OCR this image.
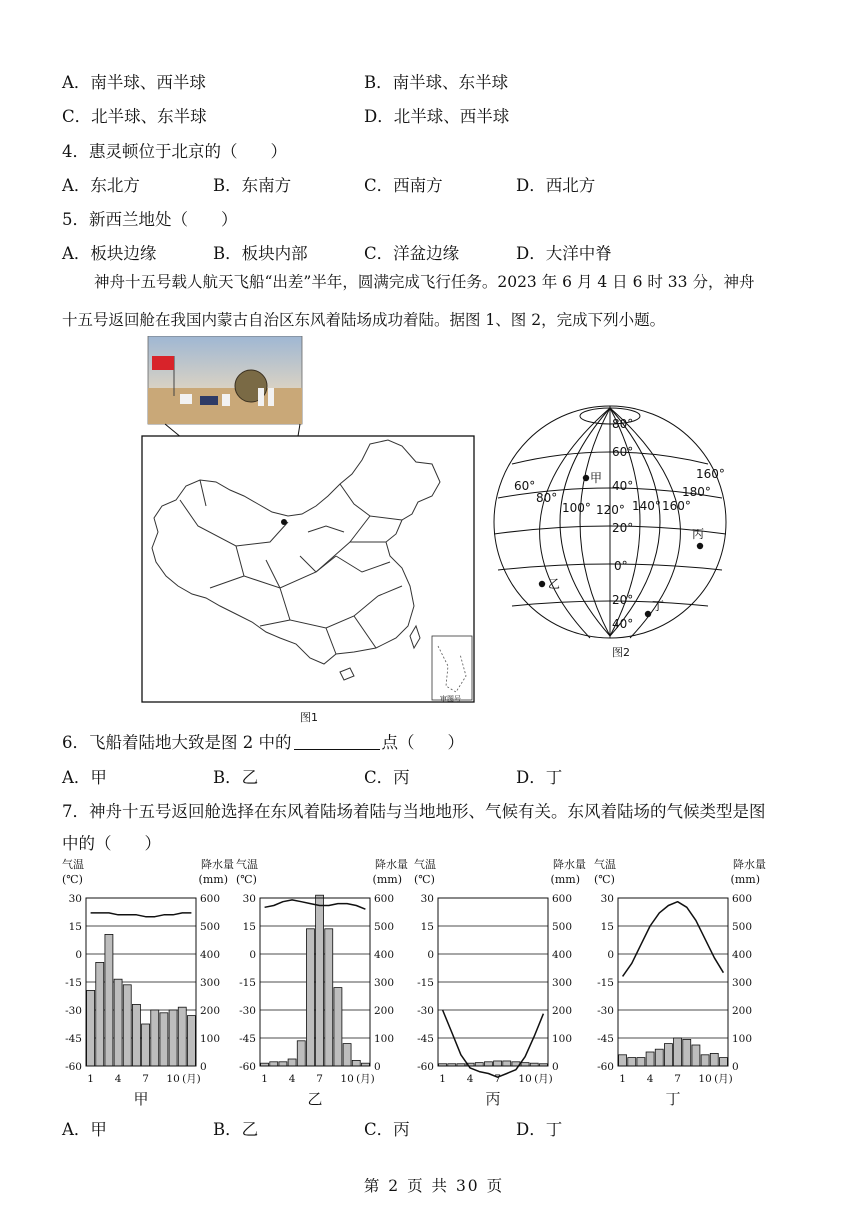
A．南半球、西半球	B．南半球、东半球
C．北半球、东半球	D．北半球、西半球
4．惠灵顿位于北京的（　　）
A．东北方	B．东南方	C．西南方	D．西北方
5．新西兰地处（　　）
A．板块边缘	B．板块内部	C．洋盆边缘	D．大洋中脊
神舟十五号载人航天飞船“出差”半年，圆满完成飞行任务。2023 年 6 月 4 日 6 时 33 分，神舟
十五号返回舱在我国内蒙古自治区东风着陆场成功着陆。据图 1、图 2，完成下列小题。
审图号
图1
80°
60°
40°
20°
0°
20°
40°
60°
80°
100° 120° 140° 160°
180°
160°
甲
乙
丙
丁
图2
6．飞船着陆地大致是图 2 中的	点（　　）
A．甲	B．乙	C．丙	D．丁
7．神舟十五号返回舱选择在东风着陆场着陆与当地地形、气候有关。东风着陆场的气候类型是图
中的（　　）
气温
(℃)
降水量
(mm)
30	600
15	500
0	400
-15	300
-30	200
-45	100
-60	0
1 4 7 10 (月)
甲
气温
(℃)
降水量
(mm)
30	600
15	500
0	400
-15	300
-30	200
-45	100
-60	0
1 4 7 10 (月)
乙
气温
(℃)
降水量
(mm)
30	600
15	500
0	400
-15	300
-30	200
-45	100
-60	0
1 4 7 10 (月)
丙
气温
(℃)
降水量
(mm)
30	600
15	500
0	400
-15	300
-30	200
-45	100
-60	0
1 4 7 10 (月)
丁
A．甲	B．乙	C．丙	D．丁
第 2 页 共 30 页
